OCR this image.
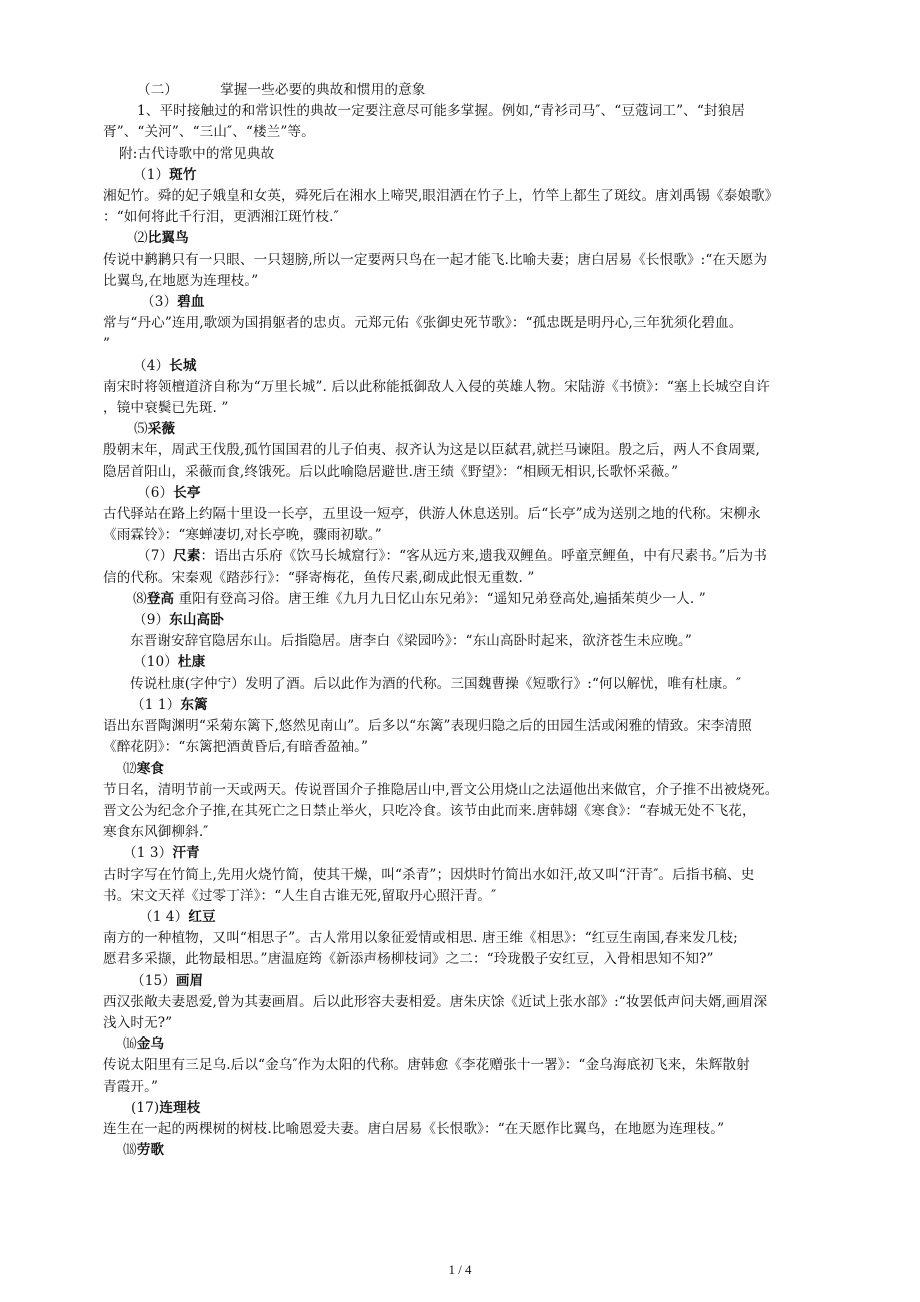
（二）	掌握一些必要的典故和惯用的意象
1、平时接触过的和常识性的典故一定要注意尽可能多掌握。例如,“青衫司马″、“豆蔻词工”、“封狼居
胥”、“关河”、“三山″、“楼兰”等。
附:古代诗歌中的常见典故
（1）斑竹
湘妃竹。舜的妃子娥皇和女英，舜死后在湘水上啼哭,眼泪洒在竹子上，竹竿上都生了斑纹。唐刘禹锡《泰娘歌》
：“如何将此千行泪，更洒湘江斑竹枝.″
⑵比翼鸟
传说中鹣鹣只有一只眼、一只翅膀,所以一定要两只鸟在一起才能飞.比喻夫妻；唐白居易《长恨歌》:“在天愿为
比翼鸟,在地愿为连理枝。”
（3）碧血
常与“丹心”连用,歌颂为国捐躯者的忠贞。元郑元佑《张御史死节歌》：“孤忠既是明丹心,三年犹须化碧血。
”
（4）长城
南宋时将领檀道济自称为“万里长城”. 后以此称能抵御敌人入侵的英雄人物。宋陆游《书愤》：“塞上长城空自许
，镜中衰鬓已先斑. ”
⑸采薇
殷朝末年，周武王伐殷,孤竹国国君的儿子伯夷、叔齐认为这是以臣弑君,就拦马谏阻。殷之后，两人不食周粟,
隐居首阳山，采薇而食,终饿死。后以此喻隐居避世.唐王绩《野望》：“相顾无相识,长歌怀采薇。”
（6）长亭
古代驿站在路上约隔十里设一长亭，五里设一短亭，供游人休息送别。后“长亭”成为送别之地的代称。宋柳永
《雨霖铃》：“寒蝉凄切,对长亭晚，骤雨初歇。”
（7）尺素：语出古乐府《饮马长城窟行》：“客从远方来,遗我双鲤鱼。呼童烹鲤鱼，中有尺素书。”后为书
信的代称。宋秦观《踏莎行》：“驿寄梅花，鱼传尺素,砌成此恨无重数. ”
⑻登高 重阳有登高习俗。唐王维《九月九日忆山东兄弟》：“遥知兄弟登高处,遍插茱萸少一人. ”
（9）东山高卧
东晋谢安辞官隐居东山。后指隐居。唐李白《梁园吟》：“东山高卧时起来，欲济苍生未应晚。”
（10）杜康
传说杜康(字仲宁）发明了酒。后以此作为酒的代称。三国魏曹操《短歌行》:“何以解忧，唯有杜康。″
（1 1）东篱
语出东晋陶渊明“采菊东篱下,悠然见南山”。后多以“东篱”表现归隐之后的田园生活或闲雅的情致。宋李清照
《醉花阴》：“东篱把酒黄昏后,有暗香盈袖。”
⑿寒食
节日名，清明节前一天或两天。传说晋国介子推隐居山中,晋文公用烧山之法逼他出来做官，介子推不出被烧死。
晋文公为纪念介子推,在其死亡之日禁止举火，只吃冷食。该节由此而来.唐韩翃《寒食》：“春城无处不飞花，
寒食东风御柳斜.″
（1 3）汗青
古时字写在竹简上,先用火烧竹简，使其干燥，叫“杀青”；因烘时竹简出水如汗,故又叫“汗青″。后指书稿、史
书。宋文天祥《过零丁洋》：“人生自古谁无死,留取丹心照汗青。″
（1 4）红豆
南方的一种植物，又叫“相思子”。古人常用以象征爱情或相思. 唐王维《相思》：“红豆生南国,春来发几枝;
愿君多采撷，此物最相思。”唐温庭筠《新添声杨柳枝词》之二：“玲珑骰子安红豆，入骨相思知不知?”
（15）画眉
西汉张敞夫妻恩爱,曾为其妻画眉。后以此形容夫妻相爱。唐朱庆馀《近试上张水部》:“妆罢低声问夫婿,画眉深
浅入时无?”
⒃金乌
传说太阳里有三足乌.后以“金乌″作为太阳的代称。唐韩愈《李花赠张十一署》：“金乌海底初飞来，朱辉散射
青霞开。”
(17)连理枝
连生在一起的两棵树的树枝.比喻恩爱夫妻。唐白居易《长恨歌》：“在天愿作比翼鸟，在地愿为连理枝。”
⒅劳歌
1 / 4
